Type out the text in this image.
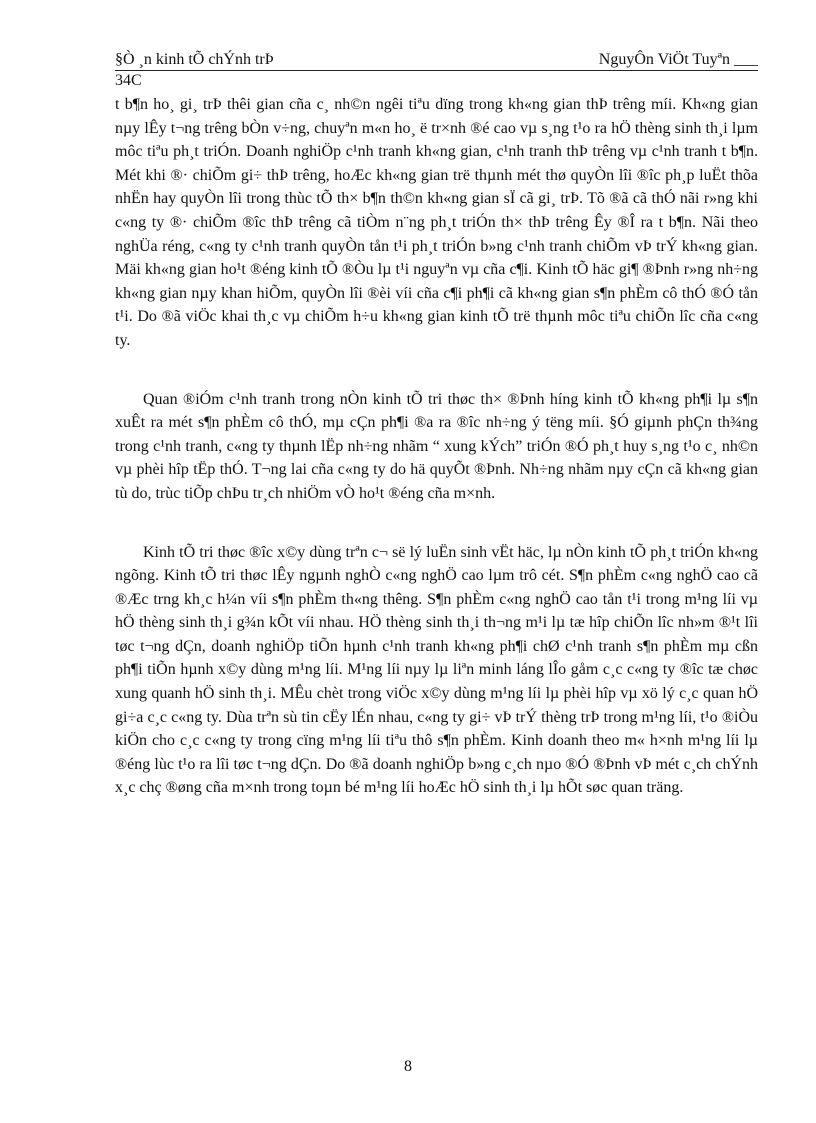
§Ò ¸n kinh tÕ chÝnh trÞ	NguyÔn ViÖt Tuyªn ___
34C

t b¶n ho¸ gi¸ trÞ thêi gian cña c¸ nh©n ngêi tiªu dïng trong kh«ng gian thÞ trêng míi. Kh«ng gian nµy lÊy t¬ng trêng bÒn v÷ng, chuyªn m«n ho¸ ë tr×nh ®é cao vµ s¸ng t¹o ra hÖ thèng sinh th¸i lµm môc tiªu ph¸t triÓn. Doanh nghiÖp c¹nh tranh kh«ng gian, c¹nh tranh thÞ trêng vµ c¹nh tranh t b¶n. Mét khi ®· chiÕm gi÷ thÞ trêng, hoÆc kh«ng gian trë thµnh mét thø quyÒn lîi ®îc ph¸p luËt thõa nhËn hay quyÒn lîi trong thùc tÕ th× b¶n th©n kh«ng gian sÏ cã gi¸ trÞ. Tõ ®ã cã thÓ nãi r»ng khi c«ng ty ®· chiÕm ®îc thÞ trêng cã tiÒm n¨ng ph¸t triÓn th× thÞ trêng Êy ®Î ra t b¶n. Nãi theo nghÜa réng, c«ng ty c¹nh tranh quyÒn tån t¹i ph¸t triÓn b»ng c¹nh tranh chiÕm vÞ trÝ kh«ng gian. Mäi kh«ng gian ho¹t ®éng kinh tÕ ®Òu lµ t¹i nguyªn vµ cña c¶i. Kinh tÕ häc gi¶ ®Þnh r»ng nh÷ng kh«ng gian nµy khan hiÕm, quyÒn lîi ®èi víi cña c¶i ph¶i cã kh«ng gian s¶n phÈm cô thÓ ®Ó tån t¹i. Do ®ã viÖc khai th¸c vµ chiÕm h÷u kh«ng gian kinh tÕ trë thµnh môc tiªu chiÕn lîc cña c«ng ty.

Quan ®iÓm c¹nh tranh trong nÒn kinh tÕ tri thøc th× ®Þnh híng kinh tÕ kh«ng ph¶i lµ s¶n xuÊt ra mét s¶n phÈm cô thÓ, mµ cÇn ph¶i ®a ra ®îc nh÷ng ý tëng míi. §Ó giµnh phÇn th¾ng trong c¹nh tranh, c«ng ty thµnh lËp nh÷ng nhãm “ xung kÝch” triÓn ®Ó ph¸t huy s¸ng t¹o c¸ nh©n vµ phèi hîp tËp thÓ. T¬ng lai cña c«ng ty do hä quyÕt ®Þnh. Nh÷ng nhãm nµy cÇn cã kh«ng gian tù do, trùc tiÕp chÞu tr¸ch nhiÖm vÒ ho¹t ®éng cña m×nh.

Kinh tÕ tri thøc ®îc x©y dùng trªn c¬ së lý luËn sinh vËt häc, lµ nÒn kinh tÕ ph¸t triÓn kh«ng ngõng. Kinh tÕ tri thøc lÊy ngµnh nghÒ c«ng nghÖ cao lµm trô cét. S¶n phÈm c«ng nghÖ cao cã ®Æc trng kh¸c h¼n víi s¶n phÈm th«ng thêng. S¶n phÈm c«ng nghÖ cao tån t¹i trong m¹ng líi vµ hÖ thèng sinh th¸i g¾n kÕt víi nhau. HÖ thèng sinh th¸i th¬ng m¹i lµ tæ hîp chiÕn lîc nh»m ®¹t lîi tøc t¬ng dÇn, doanh nghiÖp tiÕn hµnh c¹nh tranh kh«ng ph¶i chØ c¹nh tranh s¶n phÈm mµ cßn ph¶i tiÕn hµnh x©y dùng m¹ng líi. M¹ng líi nµy lµ liªn minh láng lÎo gåm c¸c c«ng ty ®îc tæ chøc xung quanh hÖ sinh th¸i. MÊu chèt trong viÖc x©y dùng m¹ng líi lµ phèi hîp vµ xö lý c¸c quan hÖ gi÷a c¸c c«ng ty. Dùa trªn sù tin cËy lÉn nhau, c«ng ty gi÷ vÞ trÝ thèng trÞ trong m¹ng líi, t¹o ®iÒu kiÖn cho c¸c c«ng ty trong cïng m¹ng líi tiªu thô s¶n phÈm. Kinh doanh theo m« h×nh m¹ng líi lµ ®éng lùc t¹o ra lîi tøc t¬ng dÇn. Do ®ã doanh nghiÖp b»ng c¸ch nµo ®Ó ®Þnh vÞ mét c¸ch chÝnh x¸c chç ®øng cña m×nh trong toµn bé m¹ng líi hoÆc hÖ sinh th¸i lµ hÕt søc quan träng.

8
